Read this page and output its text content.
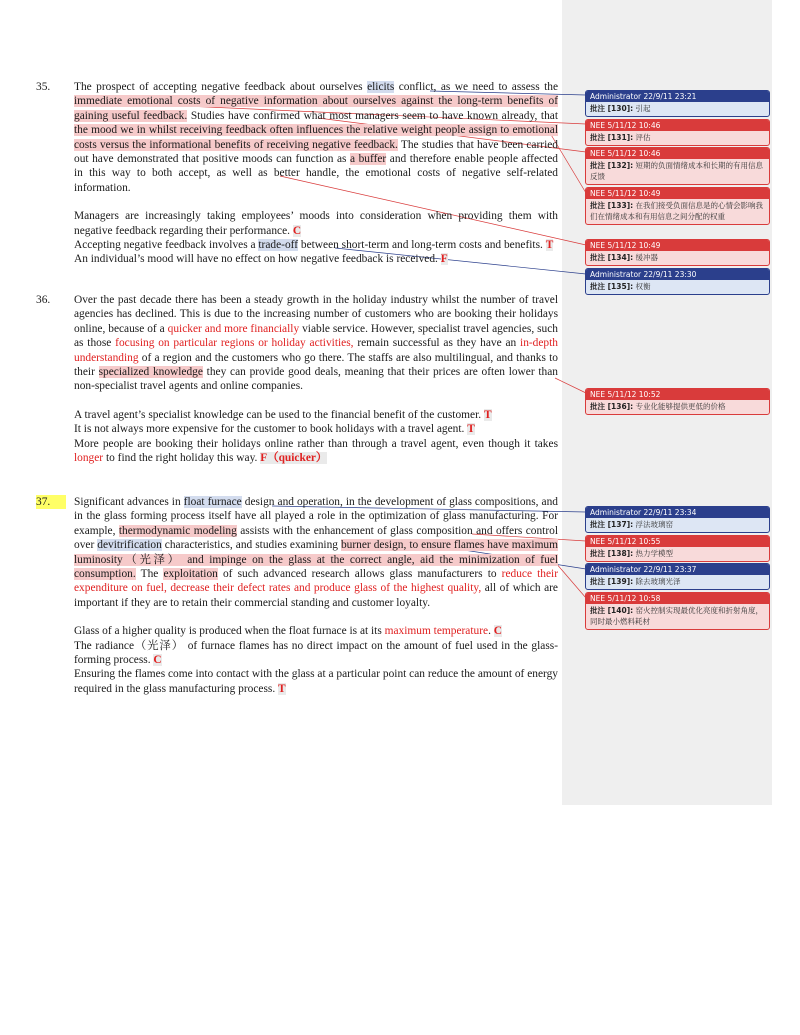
35.	The prospect of accepting negative feedback about ourselves elicits conflict, as we need to assess the immediate emotional costs of negative information about ourselves against the long-term benefits of gaining useful feedback. Studies have confirmed what most managers seem to have known already, that the mood we in whilst receiving feedback often influences the relative weight people assign to emotional costs versus the informational benefits of receiving negative feedback. The studies that have been carried out have demonstrated that positive moods can function as a buffer and therefore enable people affected in this way to both accept, as well as better handle, the emotional costs of negative self-related information.

Managers are increasingly taking employees’ moods into consideration when providing them with negative feedback regarding their performance. C

Accepting negative feedback involves a trade-off between short-term and long-term costs and benefits. T

An individual’s mood will have no effect on how negative feedback is received. F

36.	Over the past decade there has been a steady growth in the holiday industry whilst the number of travel agencies has declined. This is due to the increasing number of customers who are booking their holidays online, because of a quicker and more financially viable service. However, specialist travel agencies, such as those focusing on particular regions or holiday activities, remain successful as they have an in-depth understanding of a region and the customers who go there. The staffs are also multilingual, and thanks to their specialized knowledge they can provide good deals, meaning that their prices are often lower than non-specialist travel agents and online companies.

A travel agent’s specialist knowledge can be used to the financial benefit of the customer. T

It is not always more expensive for the customer to book holidays with a travel agent. T

More people are booking their holidays online rather than through a travel agent, even though it takes longer to find the right holiday this way. F（quicker）

37.	Significant advances in float furnace design and operation, in the development of glass compositions, and in the glass forming process itself have all played a role in the optimization of glass manufacturing. For example, thermodynamic modeling assists with the enhancement of glass composition and offers control over devitrification characteristics, and studies examining burner design, to ensure flames have maximum luminosity（光泽） and impinge on the glass at the correct angle, aid the minimization of fuel consumption. The exploitation of such advanced research allows glass manufacturers to reduce their expenditure on fuel, decrease their defect rates and produce glass of the highest quality, all of which are important if they are to retain their commercial standing and customer loyalty.

Glass of a higher quality is produced when the float furnace is at its maximum temperature. C

The radiance（光泽） of furnace flames has no direct impact on the amount of fuel used in the glass-forming process. C

Ensuring the flames come into contact with the glass at a particular point can reduce the amount of energy required in the glass manufacturing process. T

Administrator 22/9/11 23:21
批注 [130]: 引起
NEE 5/11/12 10:46
批注 [131]: 评估
NEE 5/11/12 10:46
批注 [132]: 短期的负面情绪成本和长期的有用信息反馈
NEE 5/11/12 10:49
批注 [133]: 在我们接受负面信息是的心情会影响我们在情绪成本和有用信息之间分配的权重
NEE 5/11/12 10:49
批注 [134]: 缓冲器
Administrator 22/9/11 23:30
批注 [135]: 权衡
NEE 5/11/12 10:52
批注 [136]: 专业化能够提供更低的价格
Administrator 22/9/11 23:34
批注 [137]: 浮法玻璃窑
NEE 5/11/12 10:55
批注 [138]: 热力学模型
Administrator 22/9/11 23:37
批注 [139]: 除去玻璃光泽
NEE 5/11/12 10:58
批注 [140]: 窑火控制实现最优化亮度和折射角度，同时最小燃料耗材
